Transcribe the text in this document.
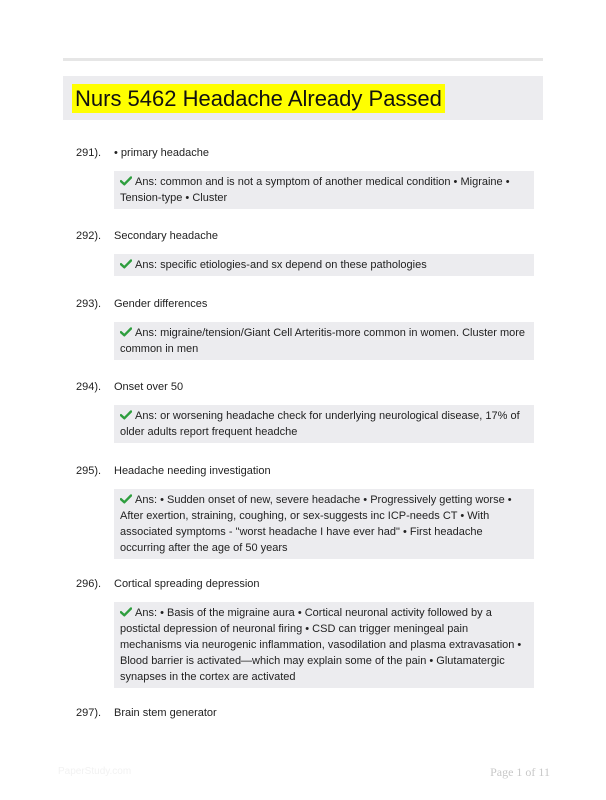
Nurs 5462 Headache Already Passed
291). • primary headache
Ans: common and is not a symptom of another medical condition • Migraine • Tension-type • Cluster
292). Secondary headache
Ans: specific etiologies-and sx depend on these pathologies
293). Gender differences
Ans: migraine/tension/Giant Cell Arteritis-more common in women. Cluster more common in men
294). Onset over 50
Ans: or worsening headache check for underlying neurological disease, 17% of older adults report frequent headche
295). Headache needing investigation
Ans: • Sudden onset of new, severe headache • Progressively getting worse • After exertion, straining, coughing, or sex-suggests inc ICP-needs CT • With associated symptoms - "worst headache I have ever had" • First headache occurring after the age of 50 years
296). Cortical spreading depression
Ans: • Basis of the migraine aura • Cortical neuronal activity followed by a postictal depression of neuronal firing • CSD can trigger meningeal pain mechanisms via neurogenic inflammation, vasodilation and plasma extravasation • Blood barrier is activated—which may explain some of the pain • Glutamatergic synapses in the cortex are activated
297). Brain stem generator
PaperStudy.com	Page 1 of 11
